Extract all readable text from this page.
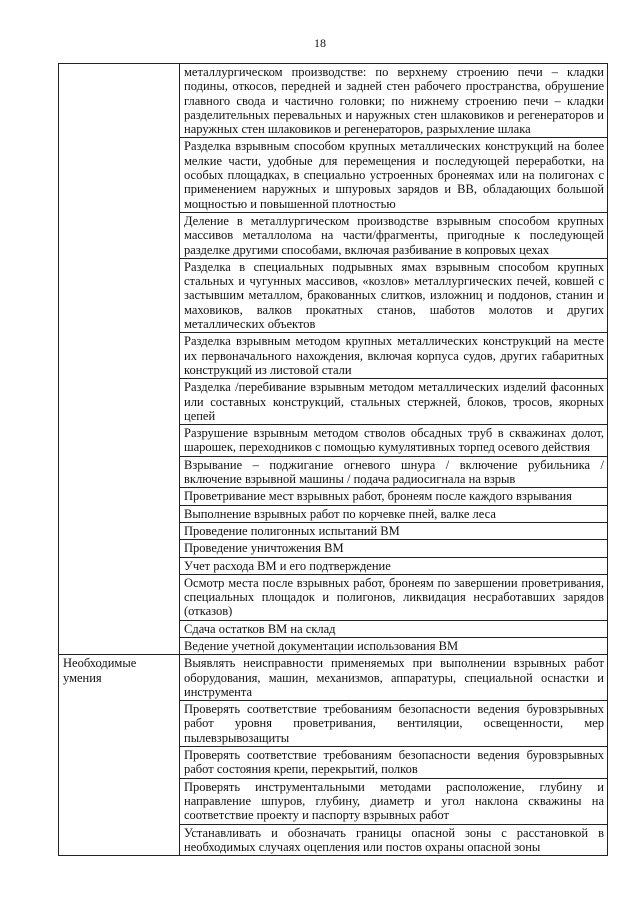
18
	металлургическом производстве: по верхнему строению печи – кладки подины, откосов, передней и задней стен рабочего пространства, обрушение главного свода и частично головки; по нижнему строению печи – кладки разделительных перевальных и наружных стен шлаковиков и регенераторов и наружных стен шлаковиков и регенераторов, разрыхление шлака
	Разделка взрывным способом крупных металлических конструкций на более мелкие части, удобные для перемещения и последующей переработки, на особых площадках, в специально устроенных бронеямах или на полигонах с применением наружных и шпуровых зарядов и ВВ, обладающих большой мощностью и повышенной плотностью
	Деление в металлургическом производстве взрывным способом крупных массивов металлолома на части/фрагменты, пригодные к последующей разделке другими способами, включая разбивание в копровых цехах
	Разделка в специальных подрывных ямах взрывным способом крупных стальных и чугунных массивов, «козлов» металлургических печей, ковшей с застывшим металлом, бракованных слитков, изложниц и поддонов, станин и маховиков, валков прокатных станов, шаботов молотов и других металлических объектов
	Разделка взрывным методом крупных металлических конструкций на месте их первоначального нахождения, включая корпуса судов, других габаритных конструкций из листовой стали
	Разделка /перебивание взрывным методом металлических изделий фасонных или составных конструкций, стальных стержней, блоков, тросов, якорных цепей
	Разрушение взрывным методом стволов обсадных труб в скважинах долот, шарошек, переходников с помощью кумулятивных торпед осевого действия
	Взрывание – поджигание огневого шнура / включение рубильника / включение взрывной машины / подача радиосигнала на взрыв
	Проветривание мест взрывных работ, бронеям после каждого взрывания
	Выполнение взрывных работ по корчевке пней, валке леса
	Проведение полигонных испытаний ВМ
	Проведение уничтожения ВМ
	Учет расхода ВМ и его подтверждение
	Осмотр места после взрывных работ, бронеям по завершении проветривания, специальных площадок и полигонов, ликвидация несработавших зарядов (отказов)
	Сдача остатков ВМ на склад
	Ведение учетной документации использования ВМ
Необходимые умения	Выявлять неисправности применяемых при выполнении взрывных работ оборудования, машин, механизмов, аппаратуры, специальной оснастки и инструмента
	Проверять соответствие требованиям безопасности ведения буровзрывных работ уровня проветривания, вентиляции, освещенности, мер пылевзрывозащиты
	Проверять соответствие требованиям безопасности ведения буровзрывных работ состояния крепи, перекрытий, полков
	Проверять инструментальными методами расположение, глубину и направление шпуров, глубину, диаметр и угол наклона скважины на соответствие проекту и паспорту взрывных работ
	Устанавливать и обозначать границы опасной зоны с расстановкой в необходимых случаях оцепления или постов охраны опасной зоны
